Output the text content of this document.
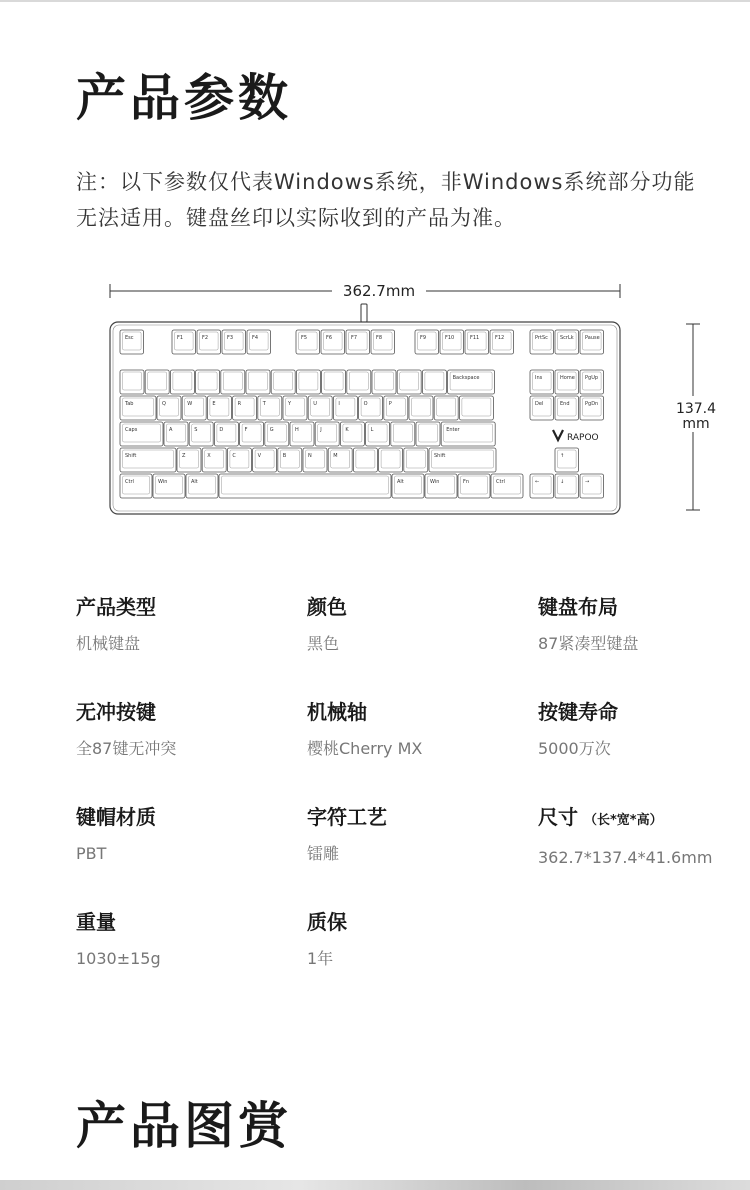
产品参数

注：以下参数仅代表Windows系统，非Windows系统部分功能无法适用。键盘丝印以实际收到的产品为准。

362.7mm
137.4
mm
Esc	F1	F2	F3	F4	F5	F6	F7	F8	F9	F10	F11	F12	PrtSc ScrLk Pause
Backspace
Tab	Q	W	E	R	T	Y	U	I	O	P
Caps	A	S	D	F	G	H	J	K	L	Enter
Shift	Z	X	C	V	B	N	M	Shift
Ctrl	Win	Alt	Alt	Win	Fn	Ctrl
Ins	Home PgUp
Del	End	PgDn
↑
←	↓	→
RAPOO
产品类型
机械键盘
颜色
黑色
键盘布局
87紧凑型键盘
无冲按键
全87键无冲突
机械轴
樱桃Cherry MX
按键寿命
5000万次
键帽材质
PBT
字符工艺
镭雕
尺寸 （长*宽*高）
362.7*137.4*41.6mm
重量
1030±15g
质保
1年
产品图赏
